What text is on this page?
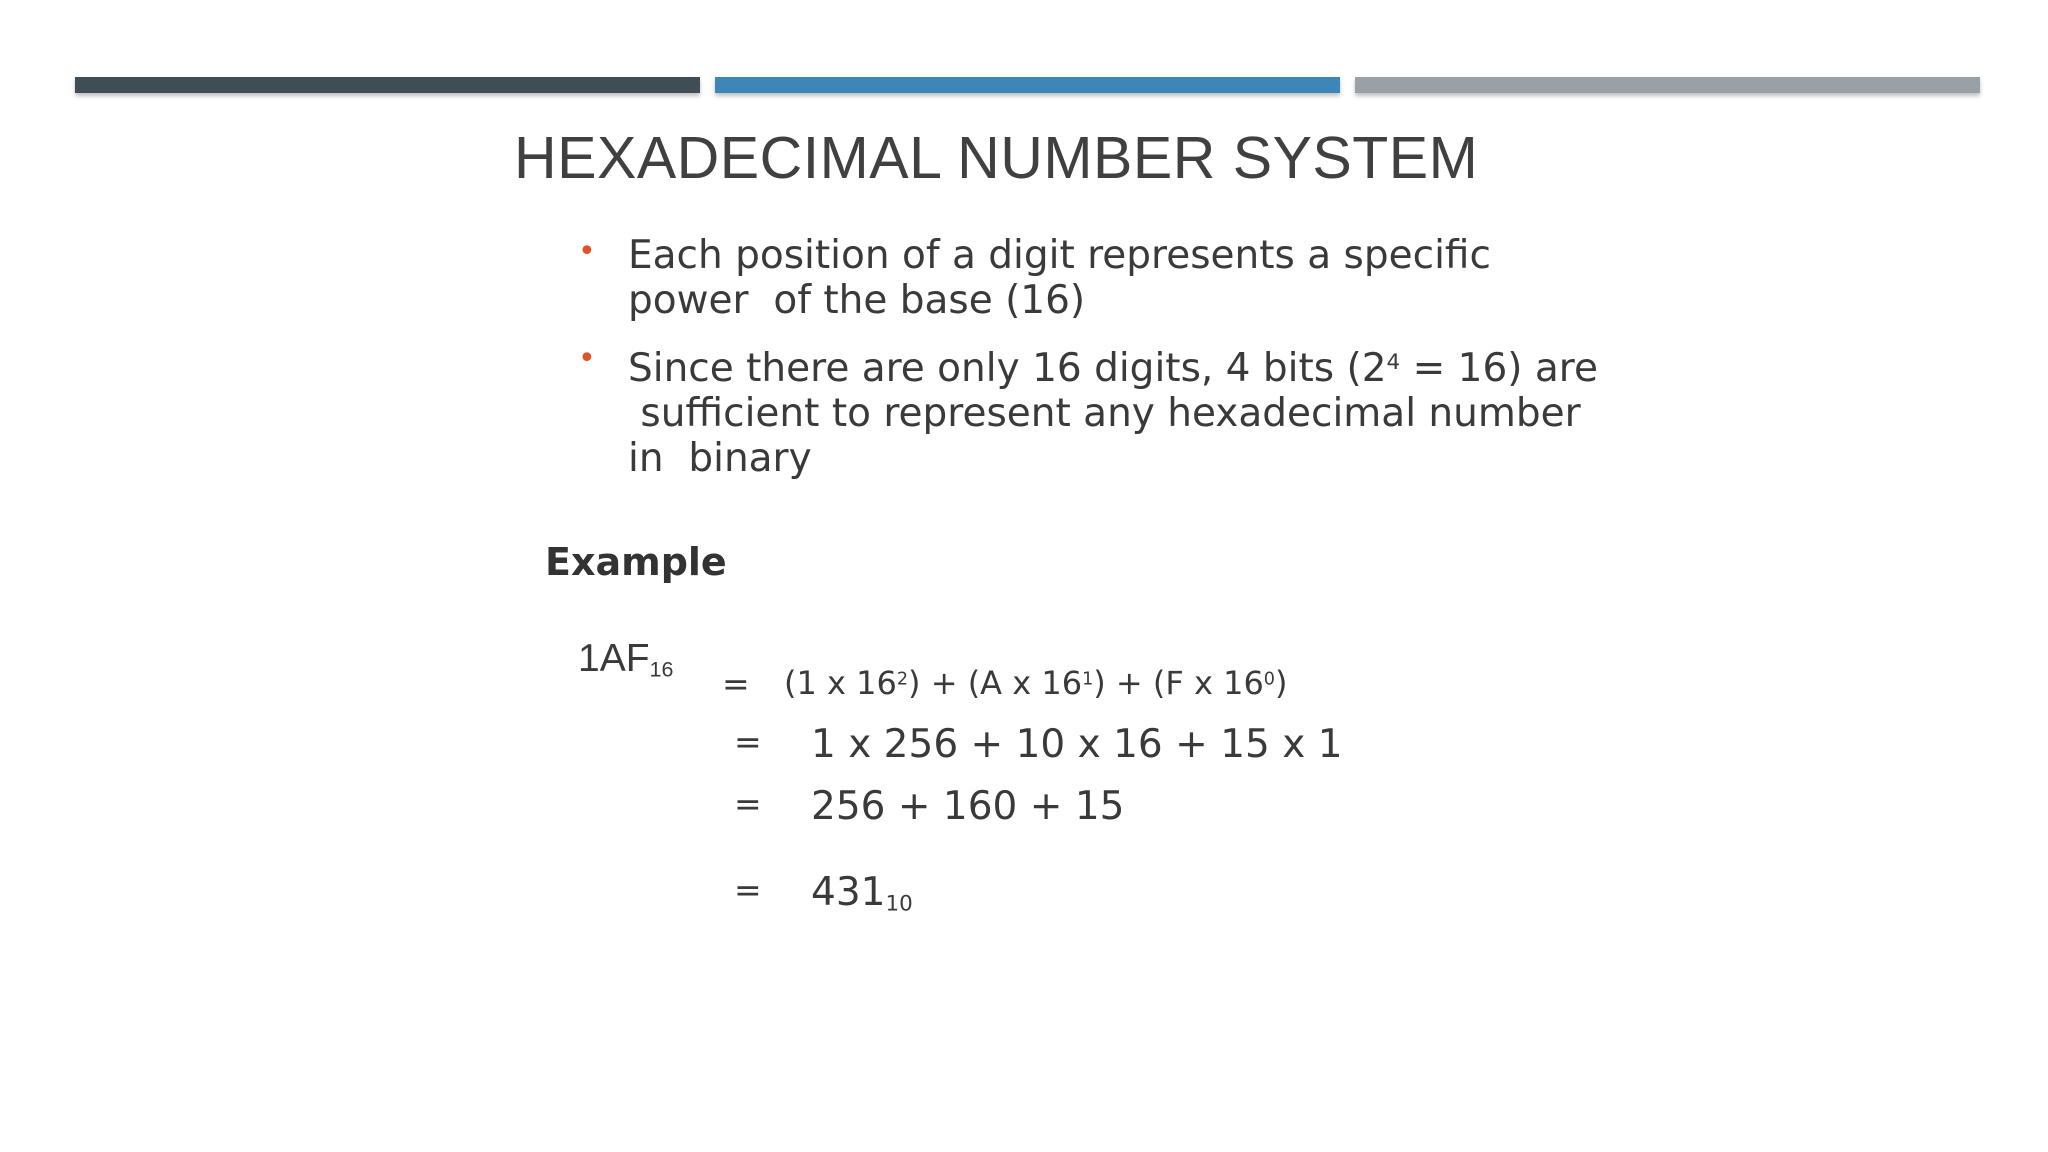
HEXADECIMAL NUMBER SYSTEM
• Each position of a digit represents a specific
power  of the base (16)
• Since there are only 16 digits, 4 bits $(2^4 = 16)$ are
sufficient to represent any hexadecimal number
in  binary
Example
$1AF_{16} = (1$ x $16^2) + (A$ x $16^1) + (F$ x $16^0$)
= 1 x 256 + 10 x 16 + 15 x 1
= 256 + 160 + 15
= $431_{10}$
